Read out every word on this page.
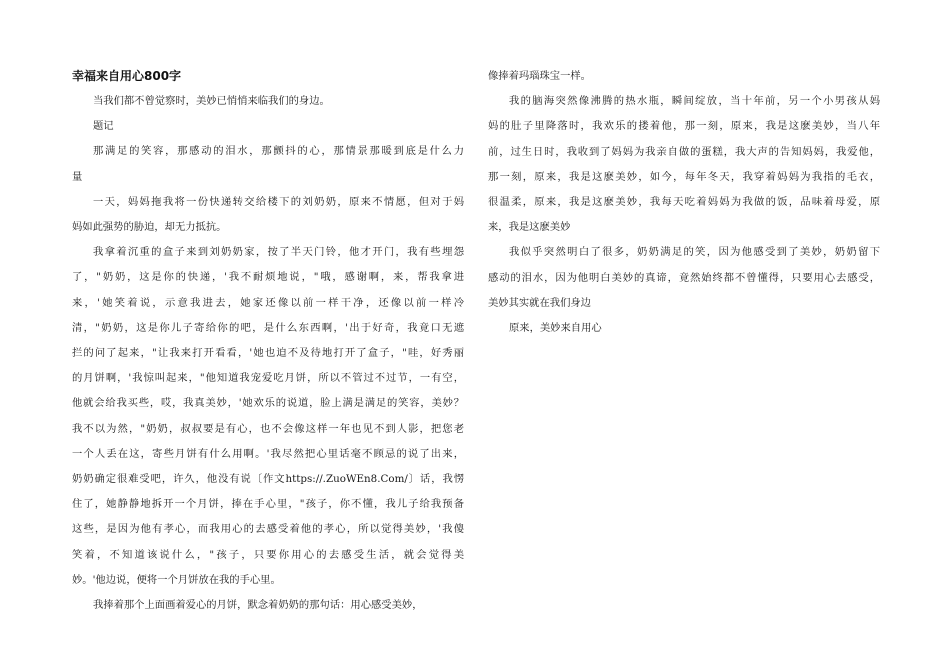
幸福来自用心800字

当我们都不曾觉察时，美妙已悄悄来临我们的身边。

题记

那满足的笑容，那感动的泪水，那颤抖的心，那情景那暖到底是什么力
量

一天，妈妈拖我将一份快递转交给楼下的刘奶奶，原来不情愿，但对于妈
妈如此强势的胁迫，却无力抵抗。

我拿着沉重的盒子来到刘奶奶家，按了半天门铃，他才开门，我有些埋怨
了，"奶奶，这是你的快递，'我不耐烦地说，"哦，感谢啊，来，帮我拿进
来，'她笑着说，示意我进去，她家还像以前一样干净，还像以前一样冷
清，"奶奶，这是你儿子寄给你的吧，是什么东西啊，'出于好奇，我竟口无遮
拦的问了起来，"让我来打开看看，'她也迫不及待地打开了盒子，"哇，好秀丽
的月饼啊，'我惊叫起来，"他知道我宠爱吃月饼，所以不管过不过节，一有空，
他就会给我买些，哎，我真美妙，'她欢乐的说道，脸上满是满足的笑容，美妙？
我不以为然，"奶奶，叔叔要是有心，也不会像这样一年也见不到人影，把您老
一个人丢在这，寄些月饼有什么用啊。'我尽然把心里话毫不顾忌的说了出来，
奶奶确定很难受吧，许久，他没有说〔作文https://.ZuoWEn8.Com/〕话，我愣
住了，她静静地拆开一个月饼，捧在手心里，"孩子，你不懂，我儿子给我预备
这些，是因为他有孝心，而我用心的去感受着他的孝心，所以觉得美妙，'我傻
笑着，不知道该说什么，"孩子，只要你用心的去感受生活，就会觉得美
妙。'他边说，便将一个月饼放在我的手心里。

我捧着那个上面画着爱心的月饼，默念着奶奶的那句话：用心感受美妙，

像捧着玛瑙珠宝一样。

我的脑海突然像沸腾的热水瓶，瞬间绽放，当十年前，另一个小男孩从妈
妈的肚子里降落时，我欢乐的搂着他，那一刻，原来，我是这麽美妙，当八年
前，过生日时，我收到了妈妈为我亲自做的蛋糕，我大声的告知妈妈，我爱他，
那一刻，原来，我是这麽美妙，如今，每年冬天，我穿着妈妈为我指的毛衣，
很温柔，原来，我是这麽美妙，我每天吃着妈妈为我做的饭，品味着母爱，原
来，我是这麽美妙

我似乎突然明白了很多，奶奶满足的笑，因为他感受到了美妙，奶奶留下
感动的泪水，因为他明白美妙的真谛，竟然始终都不曾懂得，只要用心去感受，
美妙其实就在我们身边

原来，美妙来自用心
